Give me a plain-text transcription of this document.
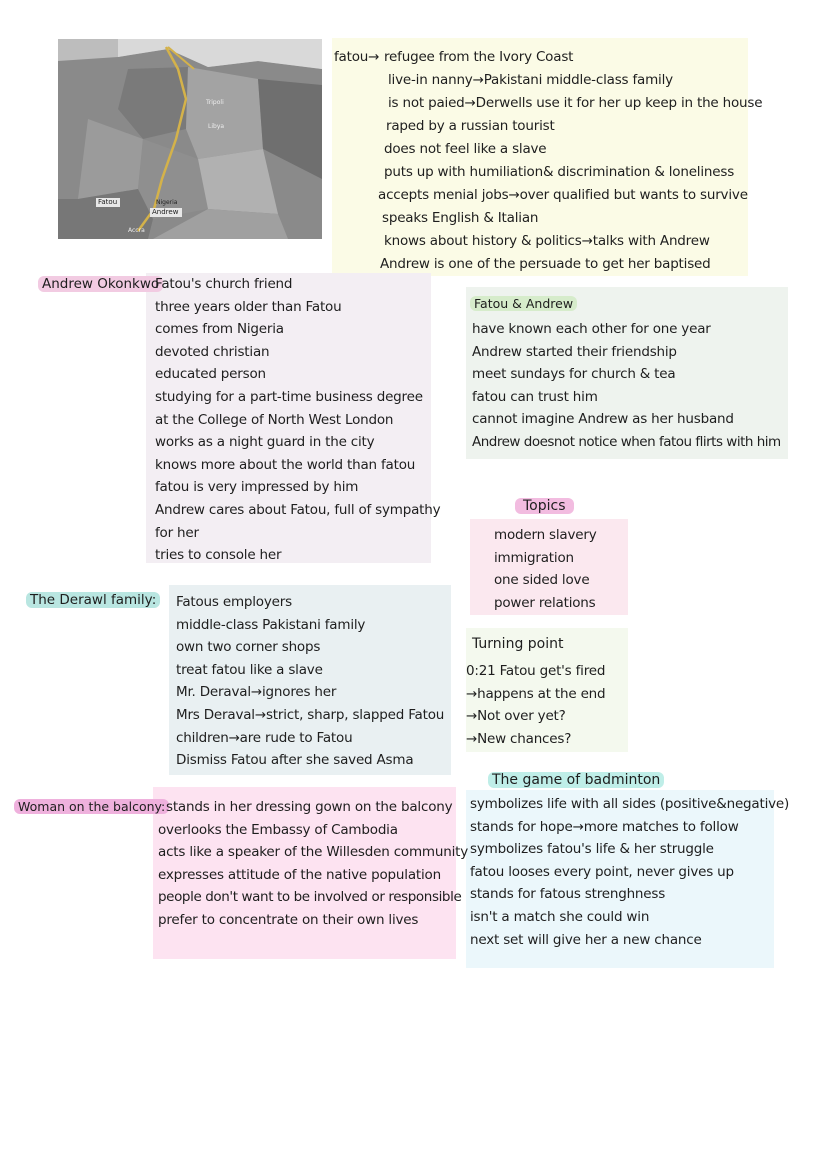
Fatou
Andrew
Nigeria
Accra
Libya
Tripoli
fatou→ refugee from the Ivory Coast
live-in nanny→Pakistani middle-class family
is not paied→Derwells use it for her up keep in the house
raped by a russian tourist
does not feel like a slave
puts up with humiliation& discrimination & loneliness
accepts menial jobs→over qualified but wants to survive
speaks English & Italian
knows about history & politics→talks with Andrew
Andrew is one of the persuade to get her baptised
Andrew Okonkwo
Fatou's church friend
three years older than Fatou
comes from Nigeria
devoted christian
educated person
studying for a part-time business degree
at the College of North West London
works as a night guard in the city
knows more about the world than fatou
fatou is very impressed by him
Andrew cares about Fatou, full of sympathy
for her
tries to console her
Fatou & Andrew
have known each other for one year
Andrew started their friendship
meet sundays for church & tea
fatou can trust him
cannot imagine Andrew as her husband
Andrew doesnot notice when fatou flirts with him
Topics
modern slavery
immigration
one sided love
power relations
The Derawl family: Fatous employers
middle-class Pakistani family
own two corner shops
treat fatou like a slave
Mr. Deraval→ignores her
Mrs Deraval→strict, sharp, slapped Fatou
children→are rude to Fatou
Dismiss Fatou after she saved Asma
Turning point
0:21 Fatou get's fired
→happens at the end
→Not over yet?
→New chances?
The game of badminton
symbolizes life with all sides (positive&negative)
stands for hope→more matches to follow
symbolizes fatou's life & her struggle
fatou looses every point, never gives up
stands for fatous strenghness
isn't a match she could win
next set will give her a new chance
Woman on the balcony: stands in her dressing gown on the balcony
overlooks the Embassy of Cambodia
acts like a speaker of the Willesden community
expresses attitude of the native population
people don't want to be involved or responsible
prefer to concentrate on their own lives
